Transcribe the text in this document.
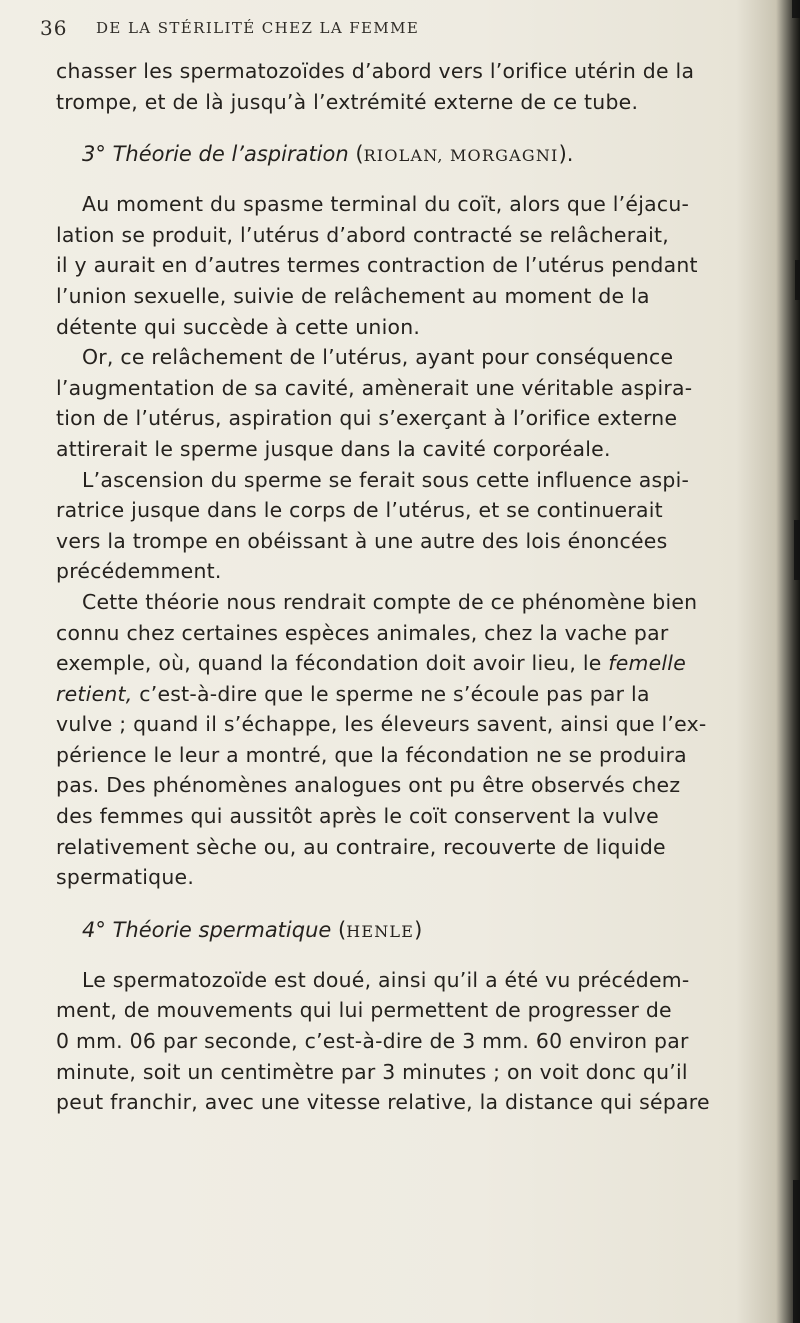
36 DE LA STÉRILITÉ CHEZ LA FEMME
chasser les spermatozoïdes d’abord vers l’orifice utérin de la
trompe, et de là jusqu’à l’extrémité externe de ce tube.
3° Théorie de l’aspiration (RIOLAN, MORGAGNI).
Au moment du spasme terminal du coït, alors que l’éjacu-
lation se produit, l’utérus d’abord contracté se relâcherait,
il y aurait en d’autres termes contraction de l’utérus pendant
l’union sexuelle, suivie de relâchement au moment de la
détente qui succède à cette union.
Or, ce relâchement de l’utérus, ayant pour conséquence
l’augmentation de sa cavité, amènerait une véritable aspira-
tion de l’utérus, aspiration qui s’exerçant à l’orifice externe
attirerait le sperme jusque dans la cavité corporéale.
L’ascension du sperme se ferait sous cette influence aspi-
ratrice jusque dans le corps de l’utérus, et se continuerait
vers la trompe en obéissant à une autre des lois énoncées
précédemment.
Cette théorie nous rendrait compte de ce phénomène bien
connu chez certaines espèces animales, chez la vache par
exemple, où, quand la fécondation doit avoir lieu, le femelle
retient, c’est-à-dire que le sperme ne s’écoule pas par la
vulve ; quand il s’échappe, les éleveurs savent, ainsi que l’ex-
périence le leur a montré, que la fécondation ne se produira
pas. Des phénomènes analogues ont pu être observés chez
des femmes qui aussitôt après le coït conservent la vulve
relativement sèche ou, au contraire, recouverte de liquide
spermatique.
4° Théorie spermatique (HENLE)
Le spermatozoïde est doué, ainsi qu’il a été vu précédem-
ment, de mouvements qui lui permettent de progresser de
0 mm. 06 par seconde, c’est-à-dire de 3 mm. 60 environ par
minute, soit un centimètre par 3 minutes ; on voit donc qu’il
peut franchir, avec une vitesse relative, la distance qui sépare
